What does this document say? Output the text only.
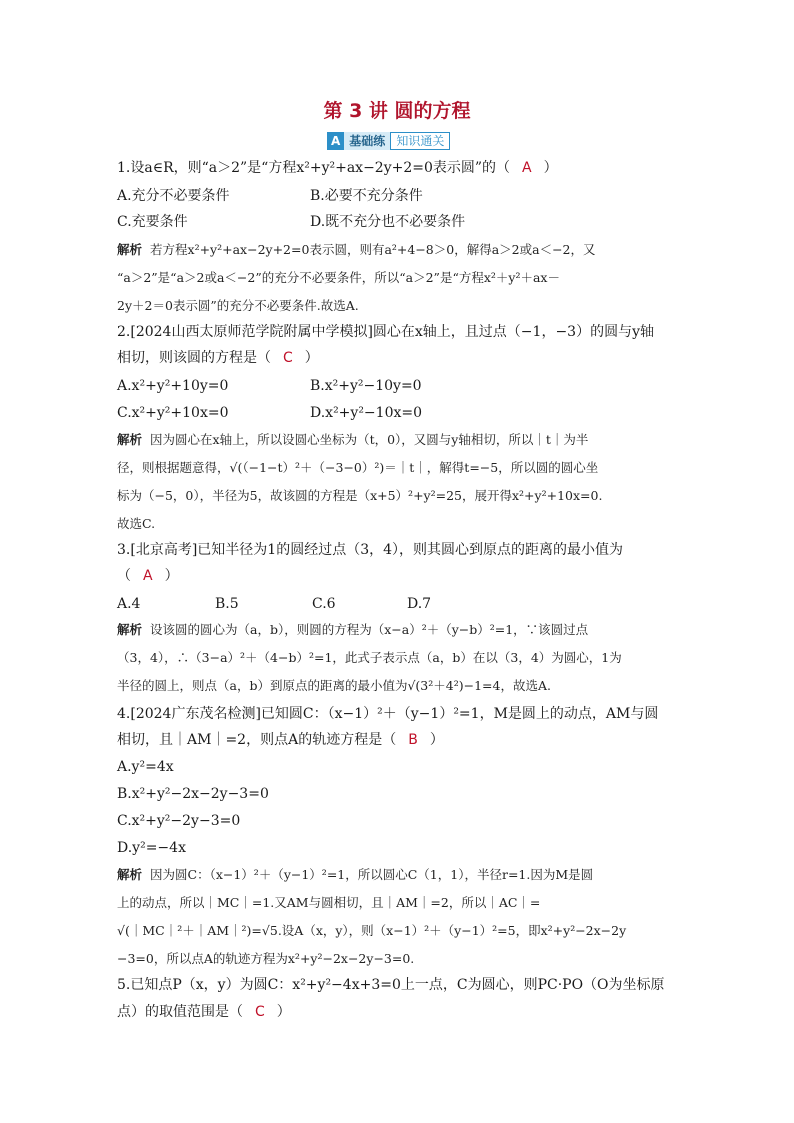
第 3 讲 圆的方程
A 基础练 知识通关
1.设a∈R，则“a＞2”是“方程x²+y²+ax−2y+2=0表示圆”的（ A ）
A.充分不必要条件	B.必要不充分条件
C.充要条件	D.既不充分也不必要条件
解析 若方程x²+y²+ax−2y+2=0表示圆，则有a²+4−8＞0，解得a＞2或a＜−2，又
“a＞2”是“a＞2或a＜−2”的充分不必要条件，所以“a＞2”是“方程x²＋y²＋ax－
2y＋2＝0表示圆”的充分不必要条件.故选A.
2.[2024山西太原师范学院附属中学模拟]圆心在x轴上，且过点（−1，−3）的圆与y轴
相切，则该圆的方程是（ C ）
A.x²+y²+10y=0	B.x²+y²−10y=0
C.x²+y²+10x=0	D.x²+y²−10x=0
解析 因为圆心在x轴上，所以设圆心坐标为（t，0），又圆与y轴相切，所以｜t｜为半
径，则根据题意得，√(（−1−t）²＋（−3−0）²)＝｜t｜，解得t=−5，所以圆的圆心坐
标为（−5，0），半径为5，故该圆的方程是（x+5）²+y²=25，展开得x²+y²+10x=0.
故选C.
3.[北京高考]已知半径为1的圆经过点（3，4），则其圆心到原点的距离的最小值为
（ A ）
A.4	B.5	C.6	D.7
解析 设该圆的圆心为（a，b），则圆的方程为（x−a）²＋（y−b）²=1，∵该圆过点
（3，4），∴（3−a）²＋（4−b）²=1，此式子表示点（a，b）在以（3，4）为圆心，1为
半径的圆上，则点（a，b）到原点的距离的最小值为√(3²＋4²)−1=4，故选A.
4.[2024广东茂名检测]已知圆C：（x−1）²＋（y−1）²=1，M是圆上的动点，AM与圆
相切，且｜AM｜=2，则点A的轨迹方程是（ B ）
A.y²=4x
B.x²+y²−2x−2y−3=0
C.x²+y²−2y−3=0
D.y²=−4x
解析 因为圆C：（x−1）²＋（y−1）²=1，所以圆心C（1，1），半径r=1.因为M是圆
上的动点，所以｜MC｜=1.又AM与圆相切，且｜AM｜=2，所以｜AC｜=
√(｜MC｜²＋｜AM｜²)=√5.设A（x，y），则（x−1）²＋（y−1）²=5，即x²+y²−2x−2y
−3=0，所以点A的轨迹方程为x²+y²−2x−2y−3=0.
5.已知点P（x，y）为圆C：x²+y²−4x+3=0上一点，C为圆心，则PC·PO（O为坐标原
点）的取值范围是（ C ）
